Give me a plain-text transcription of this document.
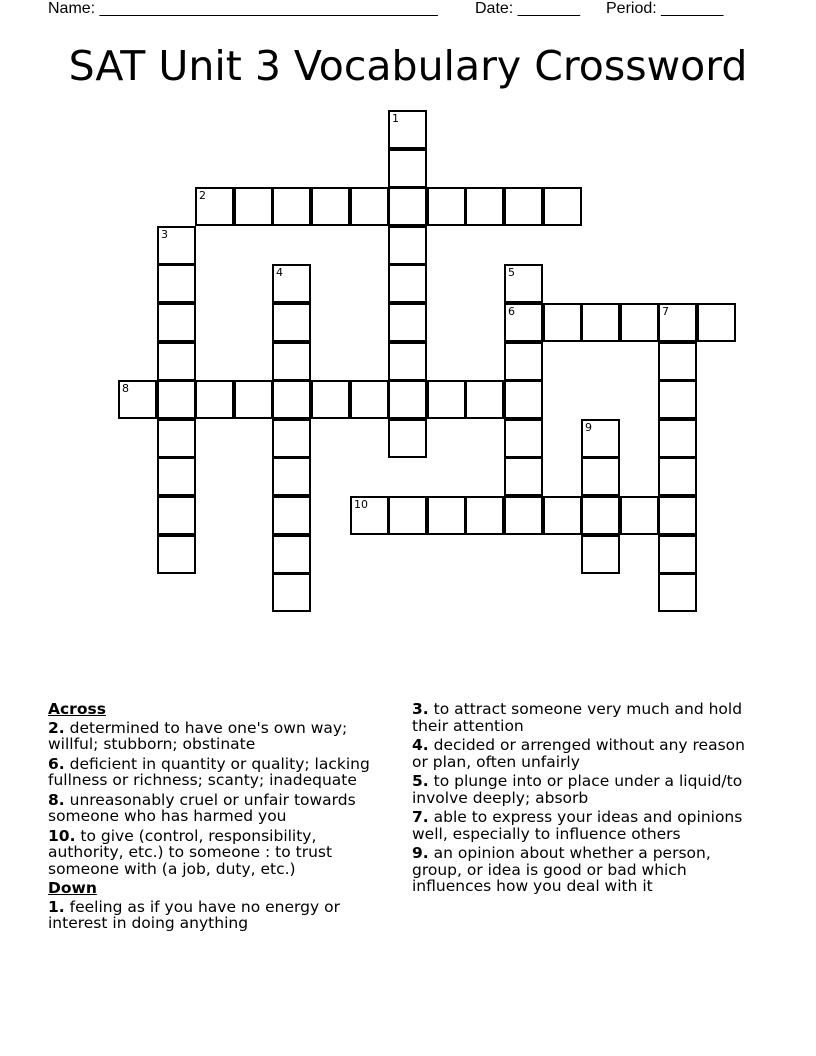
Name: ______________________________________ Date: _______ Period: _______
SAT Unit 3 Vocabulary Crossword
1
2
3
4	5
6	7
8
9
10
Across
2. determined to have one's own way; willful; stubborn; obstinate
6. deficient in quantity or quality; lacking fullness or richness; scanty; inadequate
8. unreasonably cruel or unfair towards someone who has harmed you
10. to give (control, responsibility, authority, etc.) to someone : to trust someone with (a job, duty, etc.)
Down
1. feeling as if you have no energy or interest in doing anything
3. to attract someone very much and hold their attention
4. decided or arrenged without any reason or plan, often unfairly
5. to plunge into or place under a liquid/to involve deeply; absorb
7. able to express your ideas and opinions well, especially to influence others
9. an opinion about whether a person, group, or idea is good or bad which influences how you deal with it
